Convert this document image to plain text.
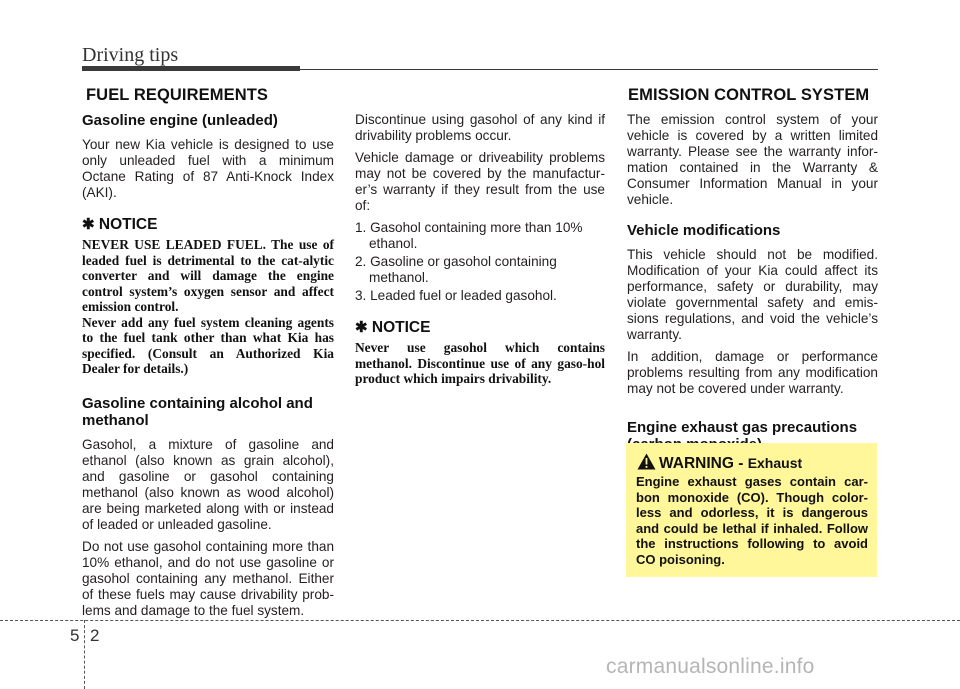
Driving tips
FUEL REQUIREMENTS	EMISSION CONTROL SYSTEM
Gasoline engine (unleaded)

Your new Kia vehicle is designed to use only unleaded fuel with a minimum Octane Rating of 87 Anti-Knock Index (AKI).

✱ NOTICE
NEVER USE LEADED FUEL. The use of leaded fuel is detrimental to the cat-alytic converter and will damage the engine control system’s oxygen sensor and affect emission control.
Never add any fuel system cleaning agents to the fuel tank other than what Kia has specified. (Consult an Authorized Kia Dealer for details.)
Gasoline containing alcohol and methanol

Gasohol, a mixture of gasoline and ethanol (also known as grain alcohol), and gasoline or gasohol containing methanol (also known as wood alcohol) are being marketed along with or instead of leaded or unleaded gasoline.

Do not use gasohol containing more than 10% ethanol, and do not use gasoline or gasohol containing any methanol. Either of these fuels may cause drivability prob-lems and damage to the fuel system.

Discontinue using gasohol of any kind if drivability problems occur.

Vehicle damage or driveability problems may not be covered by the manufactur-er’s warranty if they result from the use of:

1. Gasohol containing more than 10% ethanol.
2. Gasoline or gasohol containing methanol.
3. Leaded fuel or leaded gasohol.
✱ NOTICE
Never use gasohol which contains methanol. Discontinue use of any gaso-hol product which impairs drivability.

The emission control system of your vehicle is covered by a written limited warranty. Please see the warranty infor-mation contained in the Warranty & Consumer Information Manual in your vehicle.

Vehicle modifications

This vehicle should not be modified. Modification of your Kia could affect its performance, safety or durability, may violate governmental safety and emis-sions regulations, and void the vehicle’s warranty.

In addition, damage or performance problems resulting from any modification may not be covered under warranty.

Engine exhaust gas precautions
WARNING - Exhaust
Engine exhaust gases contain car-bon monoxide (CO). Though color-less and odorless, it is dangerous and could be lethal if inhaled. Follow the instructions following to avoid CO poisoning.
5 2
carmanualsonline.info
